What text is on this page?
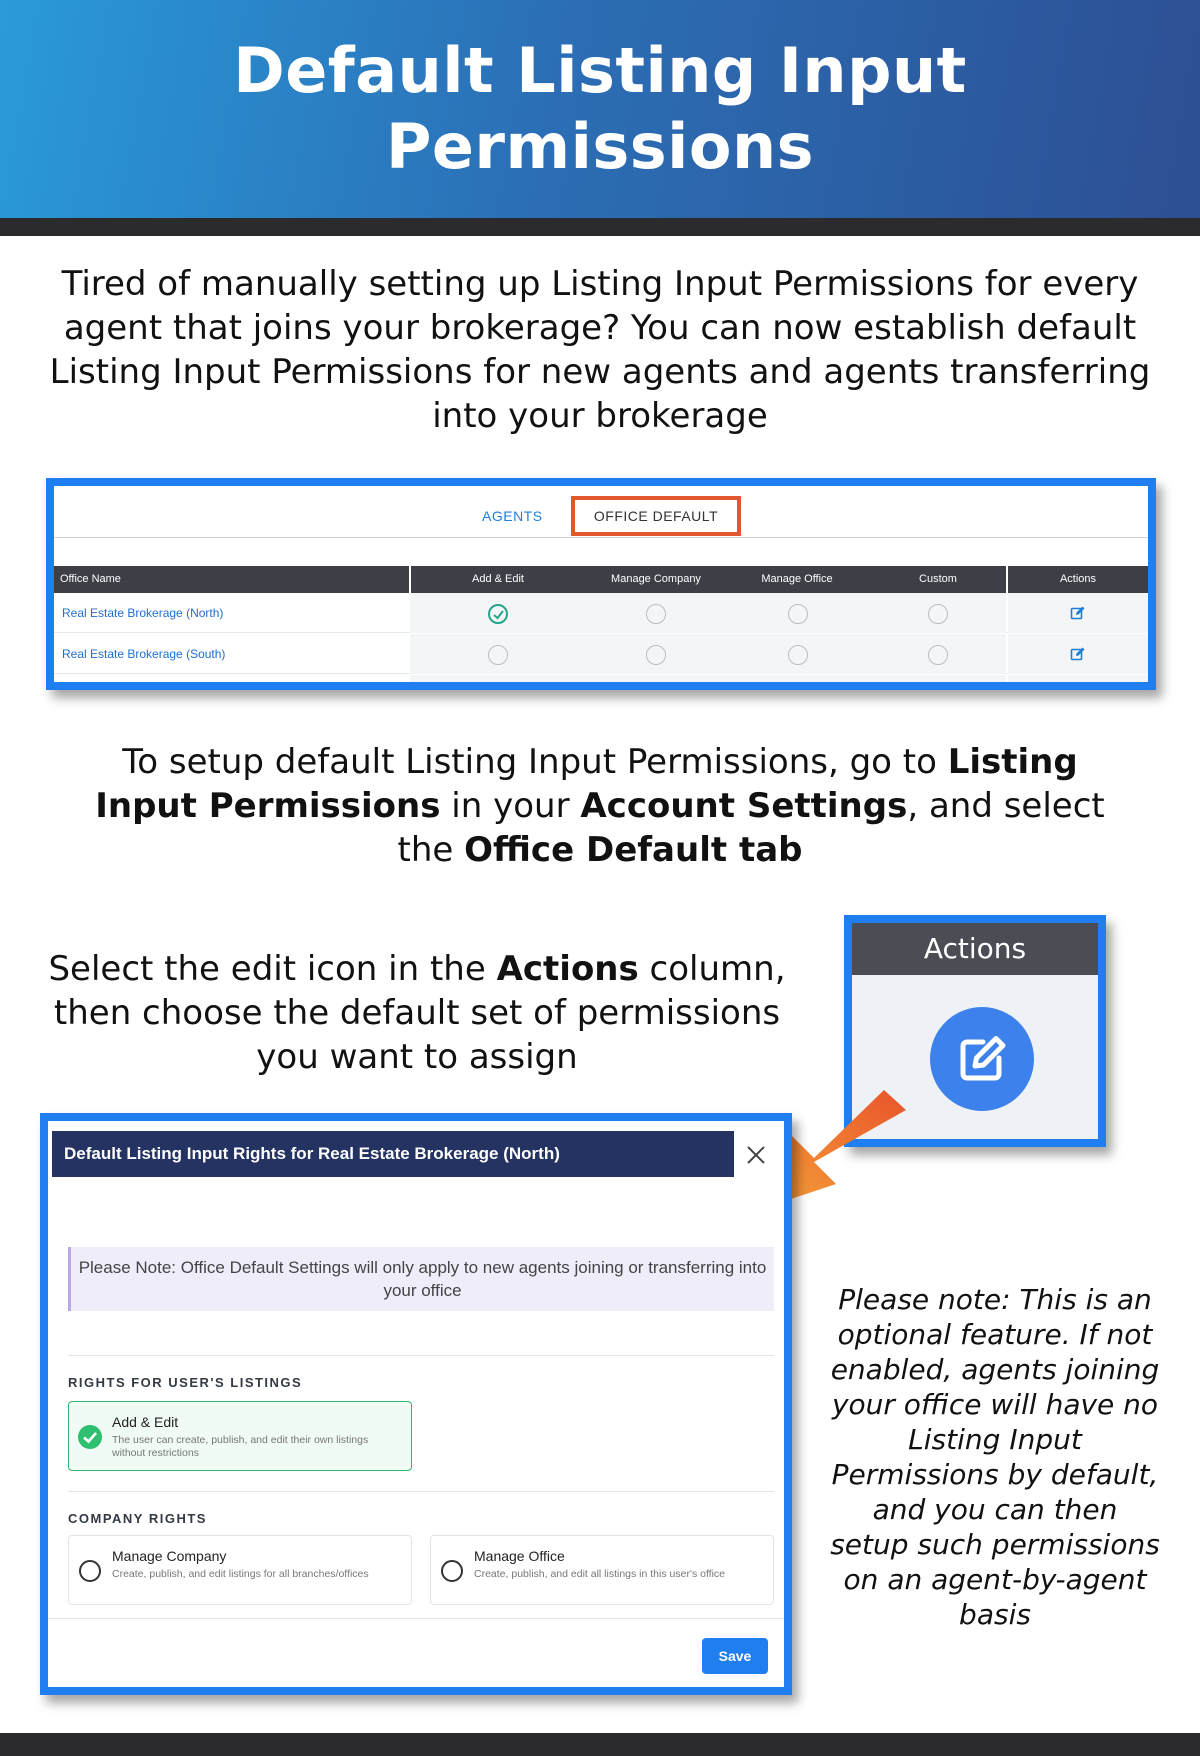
Default Listing Input Permissions
Tired of manually setting up Listing Input Permissions for every agent that joins your brokerage? You can now establish default Listing Input Permissions for new agents and agents transferring into your brokerage
AGENTS	OFFICE DEFAULT
Office Name	Add & Edit	Manage Company	Manage Office	Custom	Actions
Real Estate Brokerage (North)
Real Estate Brokerage (South)
To setup default Listing Input Permissions, go to Listing Input Permissions in your Account Settings, and select the Office Default tab
Select the edit icon in the Actions column, then choose the default set of permissions you want to assign
Actions
Default Listing Input Rights for Real Estate Brokerage (North)
Please Note: Office Default Settings will only apply to new agents joining or transferring into your office
RIGHTS FOR USER'S LISTINGS
Add & Edit
The user can create, publish, and edit their own listings without restrictions
COMPANY RIGHTS
Manage Company
Create, publish, and edit listings for all branches/offices
Manage Office
Create, publish, and edit all listings in this user's office
Save
Please note: This is an optional feature. If not enabled, agents joining your office will have no Listing Input Permissions by default, and you can then setup such permissions on an agent-by-agent basis
